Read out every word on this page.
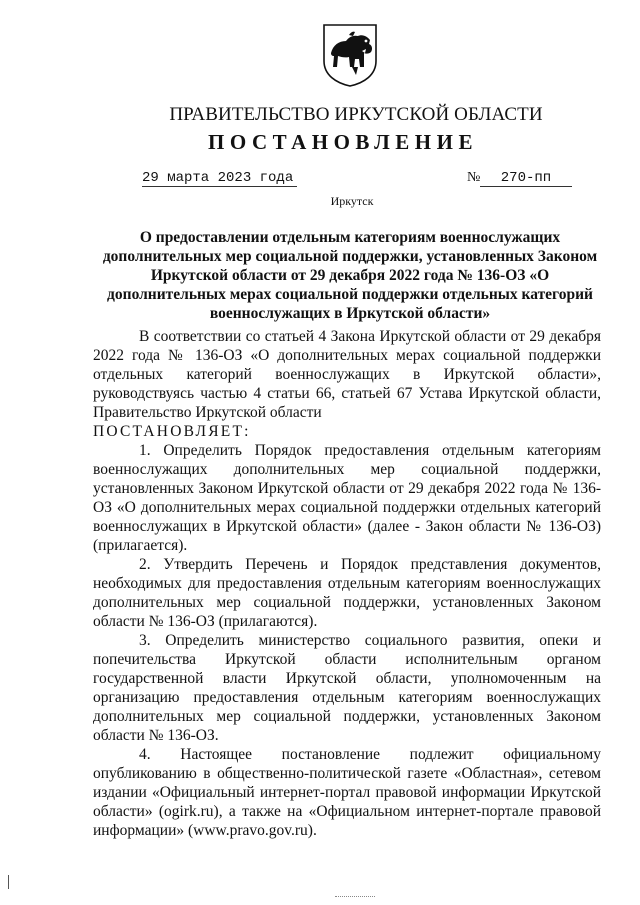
ПРАВИТЕЛЬСТВО ИРКУТСКОЙ ОБЛАСТИ
ПОСТАНОВЛЕНИЕ
29 марта 2023 года	№	270-пп
Иркутск
О предоставлении отдельным категориям военнослужащих дополнительных мер социальной поддержки, установленных Законом Иркутской области от 29 декабря 2022 года № 136-ОЗ «О дополнительных мерах социальной поддержки отдельных категорий военнослужащих в Иркутской области»

В соответствии со статьей 4 Закона Иркутской области от 29 декабря 2022 года № 136-ОЗ «О дополнительных мерах социальной поддержки отдельных категорий военнослужащих в Иркутской области», руководствуясь частью 4 статьи 66, статьей 67 Устава Иркутской области, Правительство Иркутской области

ПОСТАНОВЛЯЕТ:

1. Определить Порядок предоставления отдельным категориям военнослужащих дополнительных мер социальной поддержки, установленных Законом Иркутской области от 29 декабря 2022 года № 136-ОЗ «О дополнительных мерах социальной поддержки отдельных категорий военнослужащих в Иркутской области» (далее - Закон области № 136-ОЗ) (прилагается).

2. Утвердить Перечень и Порядок представления документов, необходимых для предоставления отдельным категориям военнослужащих дополнительных мер социальной поддержки, установленных Законом области № 136-ОЗ (прилагаются).

3. Определить министерство социального развития, опеки и попечительства Иркутской области исполнительным органом государственной власти Иркутской области, уполномоченным на организацию предоставления отдельным категориям военнослужащих дополнительных мер социальной поддержки, установленных Законом области № 136-ОЗ.

4. Настоящее постановление подлежит официальному опубликованию в общественно-политической газете «Областная», сетевом издании «Официальный интернет-портал правовой информации Иркутской области» (ogirk.ru), а также на «Официальном интернет-портале правовой информации» (www.pravo.gov.ru).
